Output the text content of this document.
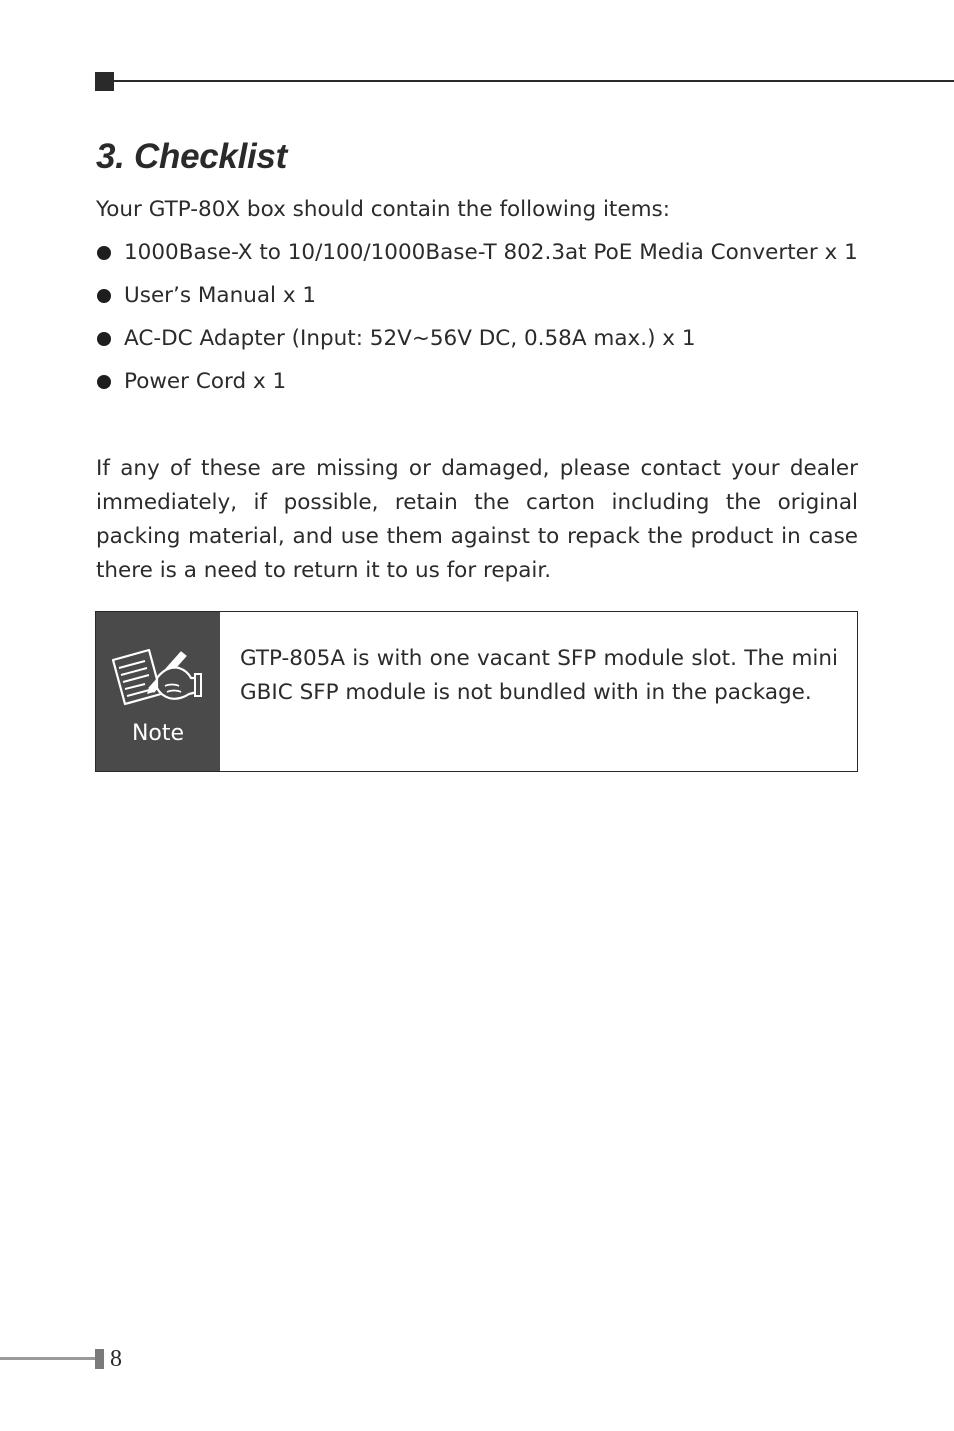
3. Checklist

Your GTP-80X box should contain the following items:

1000Base-X to 10/100/1000Base-T 802.3at PoE Media Converter x 1
User’s Manual x 1
AC-DC Adapter (Input: 52V~56V DC, 0.58A max.) x 1
Power Cord x 1

If any of these are missing or damaged, please contact your dealer immediately, if possible, retain the carton including the original packing material, and use them against to repack the product in case there is a need to return it to us for repair.

Note

GTP-805A is with one vacant SFP module slot. The mini GBIC SFP module is not bundled with in the package.

8
